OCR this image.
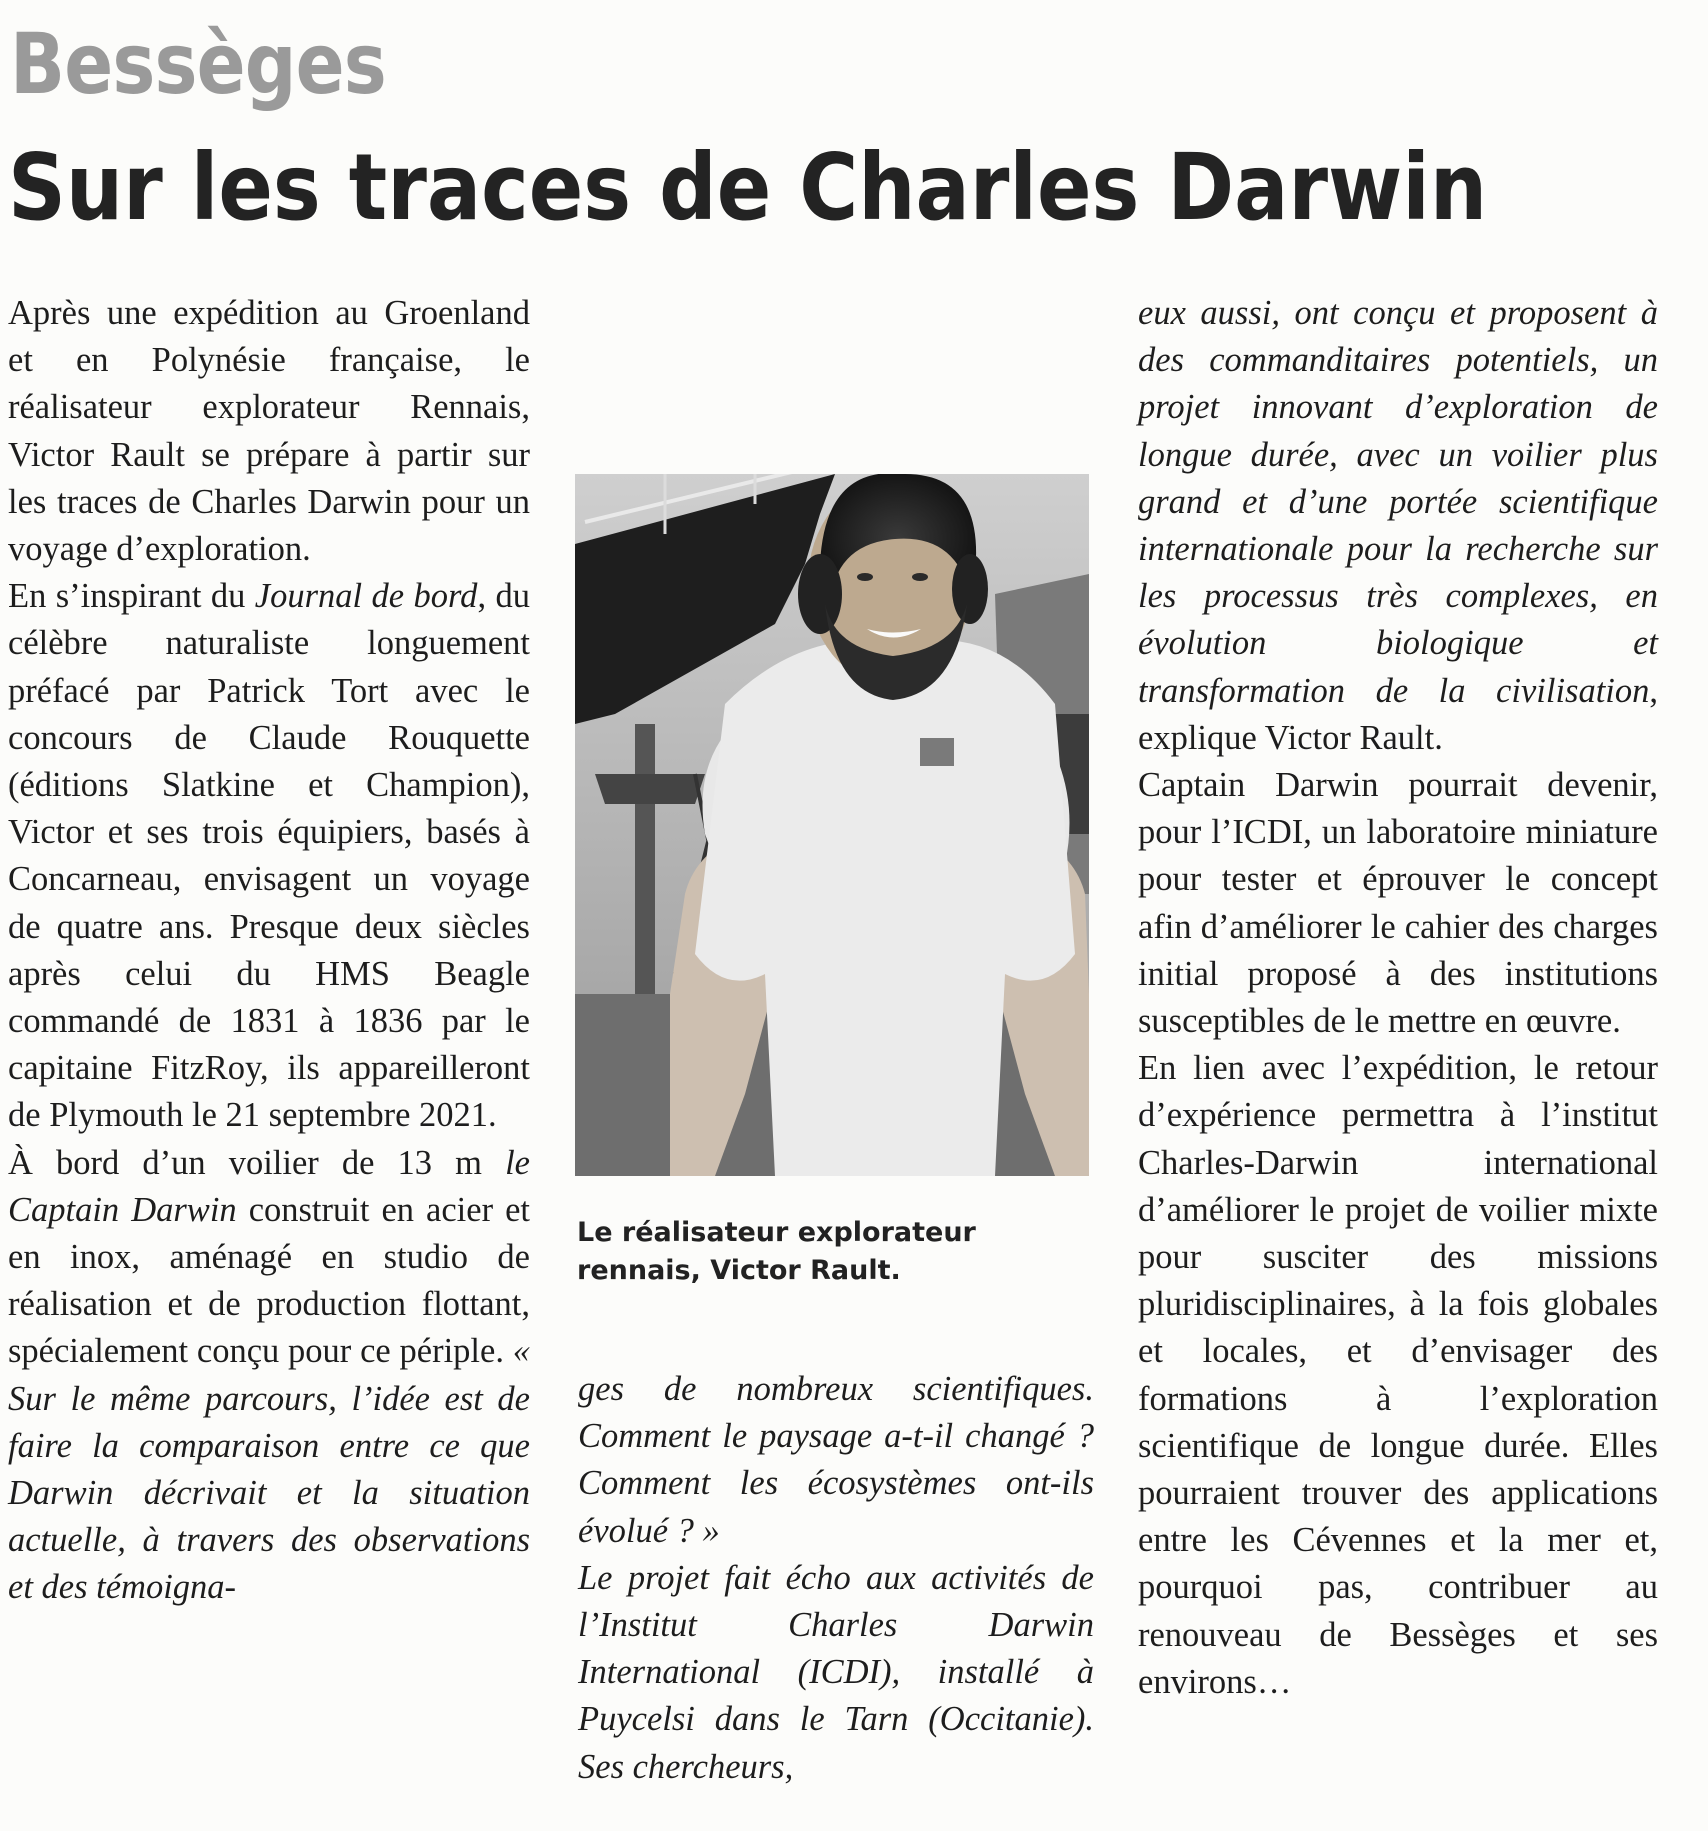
Bessèges
Sur les traces de Charles Darwin

Après une expédition au Groenland et en Polynésie française, le réalisateur explorateur Rennais, Victor Rault se prépare à partir sur les traces de Charles Darwin pour un voyage d’exploration.

En s’inspirant du Journal de bord, du célèbre naturaliste longuement préfacé par Patrick Tort avec le concours de Claude Rouquette (éditions Slatkine et Champion), Victor et ses trois équipiers, basés à Concarneau, envisagent un voyage de quatre ans. Presque deux siècles après celui du HMS Beagle commandé de 1831 à 1836 par le capitaine FitzRoy, ils appareilleront de Plymouth le 21 septembre 2021.

À bord d’un voilier de 13 m le Captain Darwin construit en acier et en inox, aménagé en studio de réalisation et de production flottant, spécialement conçu pour ce périple. « Sur le même parcours, l’idée est de faire la comparaison entre ce que Darwin décrivait et la situation actuelle, à travers des observations et des témoigna-

Le réalisateur explorateur
rennais, Victor Rault.

ges de nombreux scientifiques. Comment le paysage a-t-il changé ? Comment les écosystèmes ont-ils évolué ? »

Le projet fait écho aux activités de l’Institut Charles Darwin International (ICDI), installé à Puycelsi dans le Tarn (Occitanie). Ses chercheurs,

eux aussi, ont conçu et proposent à des commanditaires potentiels, un projet innovant d’exploration de longue durée, avec un voilier plus grand et d’une portée scientifique internationale pour la recherche sur les processus très complexes, en évolution biologique et transformation de la civilisation, explique Victor Rault.

Captain Darwin pourrait devenir, pour l’ICDI, un laboratoire miniature pour tester et éprouver le concept afin d’améliorer le cahier des charges initial proposé à des institutions susceptibles de le mettre en œuvre.

En lien avec l’expédition, le retour d’expérience permettra à l’institut Charles-Darwin international d’améliorer le projet de voilier mixte pour susciter des missions pluridisciplinaires, à la fois globales et locales, et d’envisager des formations à l’exploration scientifique de longue durée. Elles pourraient trouver des applications entre les Cévennes et la mer et, pourquoi pas, contribuer au renouveau de Bessèges et ses environs…
